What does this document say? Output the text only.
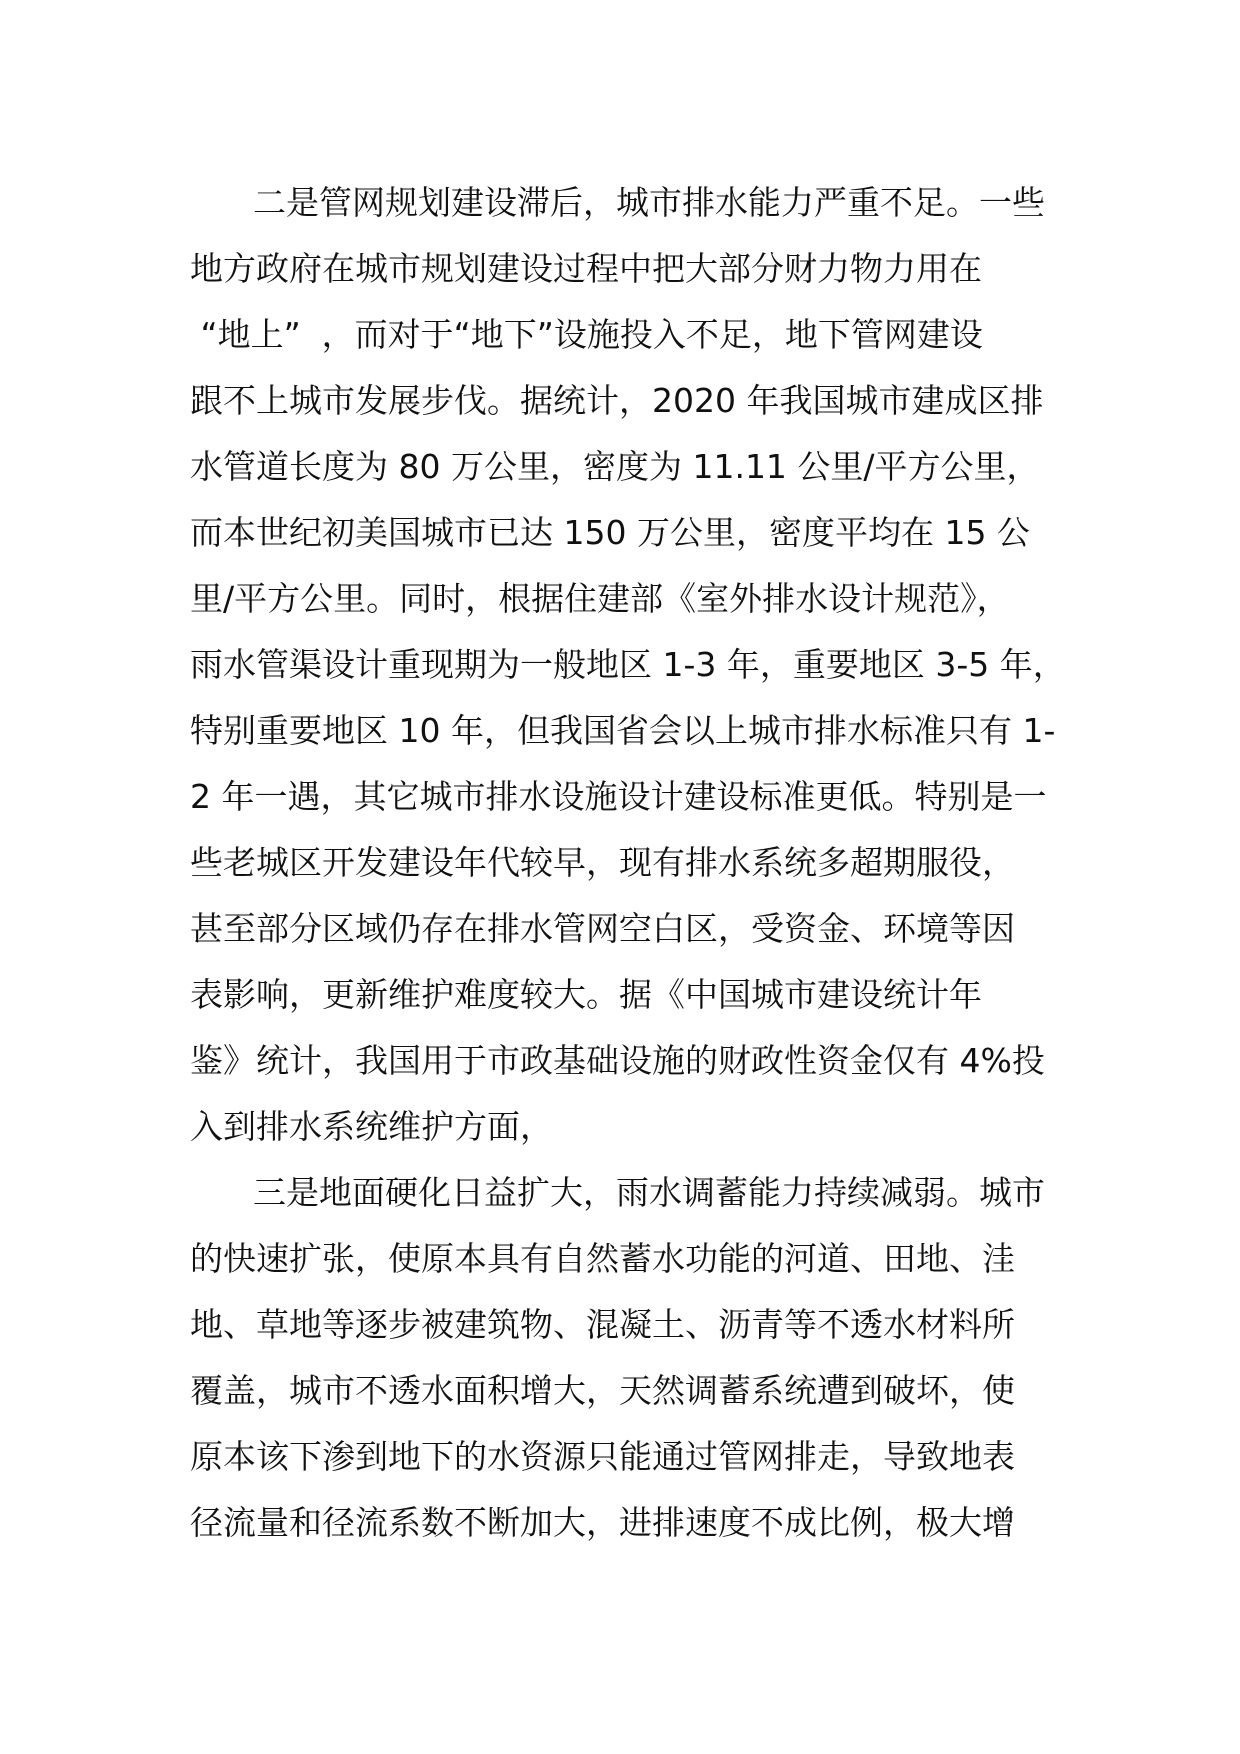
二是管网规划建设滞后，城市排水能力严重不足。一些
地方政府在城市规划建设过程中把大部分财力物力用在
“地上”  ，而对于“地下”设施投入不足，地下管网建设
跟不上城市发展步伐。据统计，2020 年我国城市建成区排
水管道长度为 80 万公里，密度为 11.11 公里/平方公里，
而本世纪初美国城市已达 150 万公里，密度平均在 15 公
里/平方公里。同时，根据住建部《室外排水设计规范》，
雨水管渠设计重现期为一般地区 1-3 年，重要地区 3-5 年，
特别重要地区 10 年，但我国省会以上城市排水标准只有 1-
2 年一遇，其它城市排水设施设计建设标准更低。特别是一
些老城区开发建设年代较早，现有排水系统多超期服役，
甚至部分区域仍存在排水管网空白区，受资金、环境等因
表影响，更新维护难度较大。据《中国城市建设统计年
鉴》统计，我国用于市政基础设施的财政性资金仅有 4%投
入到排水系统维护方面，
三是地面硬化日益扩大，雨水调蓄能力持续减弱。城市
的快速扩张，使原本具有自然蓄水功能的河道、田地、洼
地、草地等逐步被建筑物、混凝土、沥青等不透水材料所
覆盖，城市不透水面积增大，天然调蓄系统遭到破坏，使
原本该下渗到地下的水资源只能通过管网排走，导致地表
径流量和径流系数不断加大，进排速度不成比例，极大增
